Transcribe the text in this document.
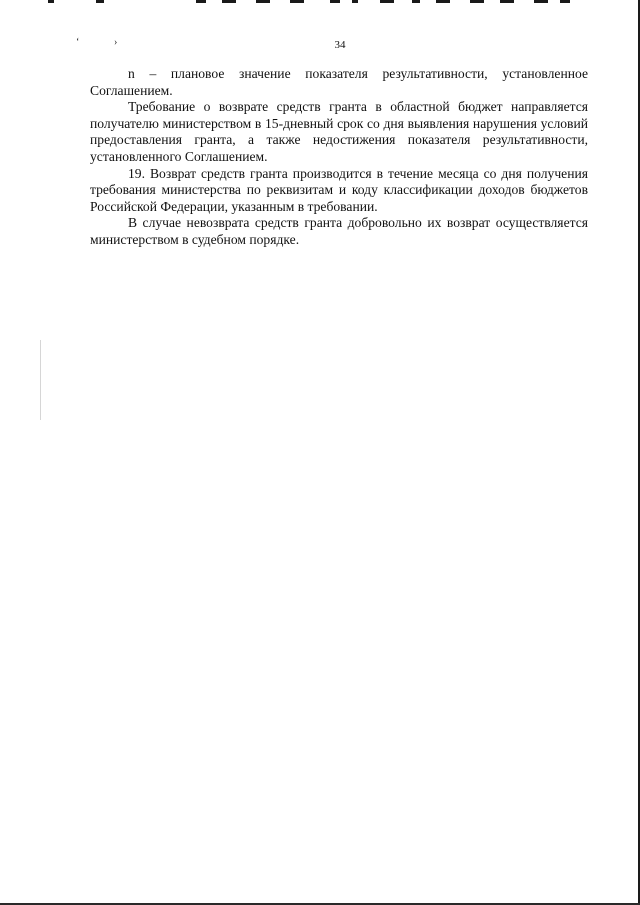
‘	›	34

n – плановое значение показателя результативности, установленное Соглашением.

Требование о возврате средств гранта в областной бюджет направляется получателю министерством в 15-дневный срок со дня выявления нарушения условий предоставления гранта, а также недостижения показателя результативности, установленного Соглашением.

19. Возврат средств гранта производится в течение месяца со дня получения требования министерства по реквизитам и коду классификации доходов бюджетов Российской Федерации, указанным в требовании.

В случае невозврата средств гранта добровольно их возврат осуществляется министерством в судебном порядке.
